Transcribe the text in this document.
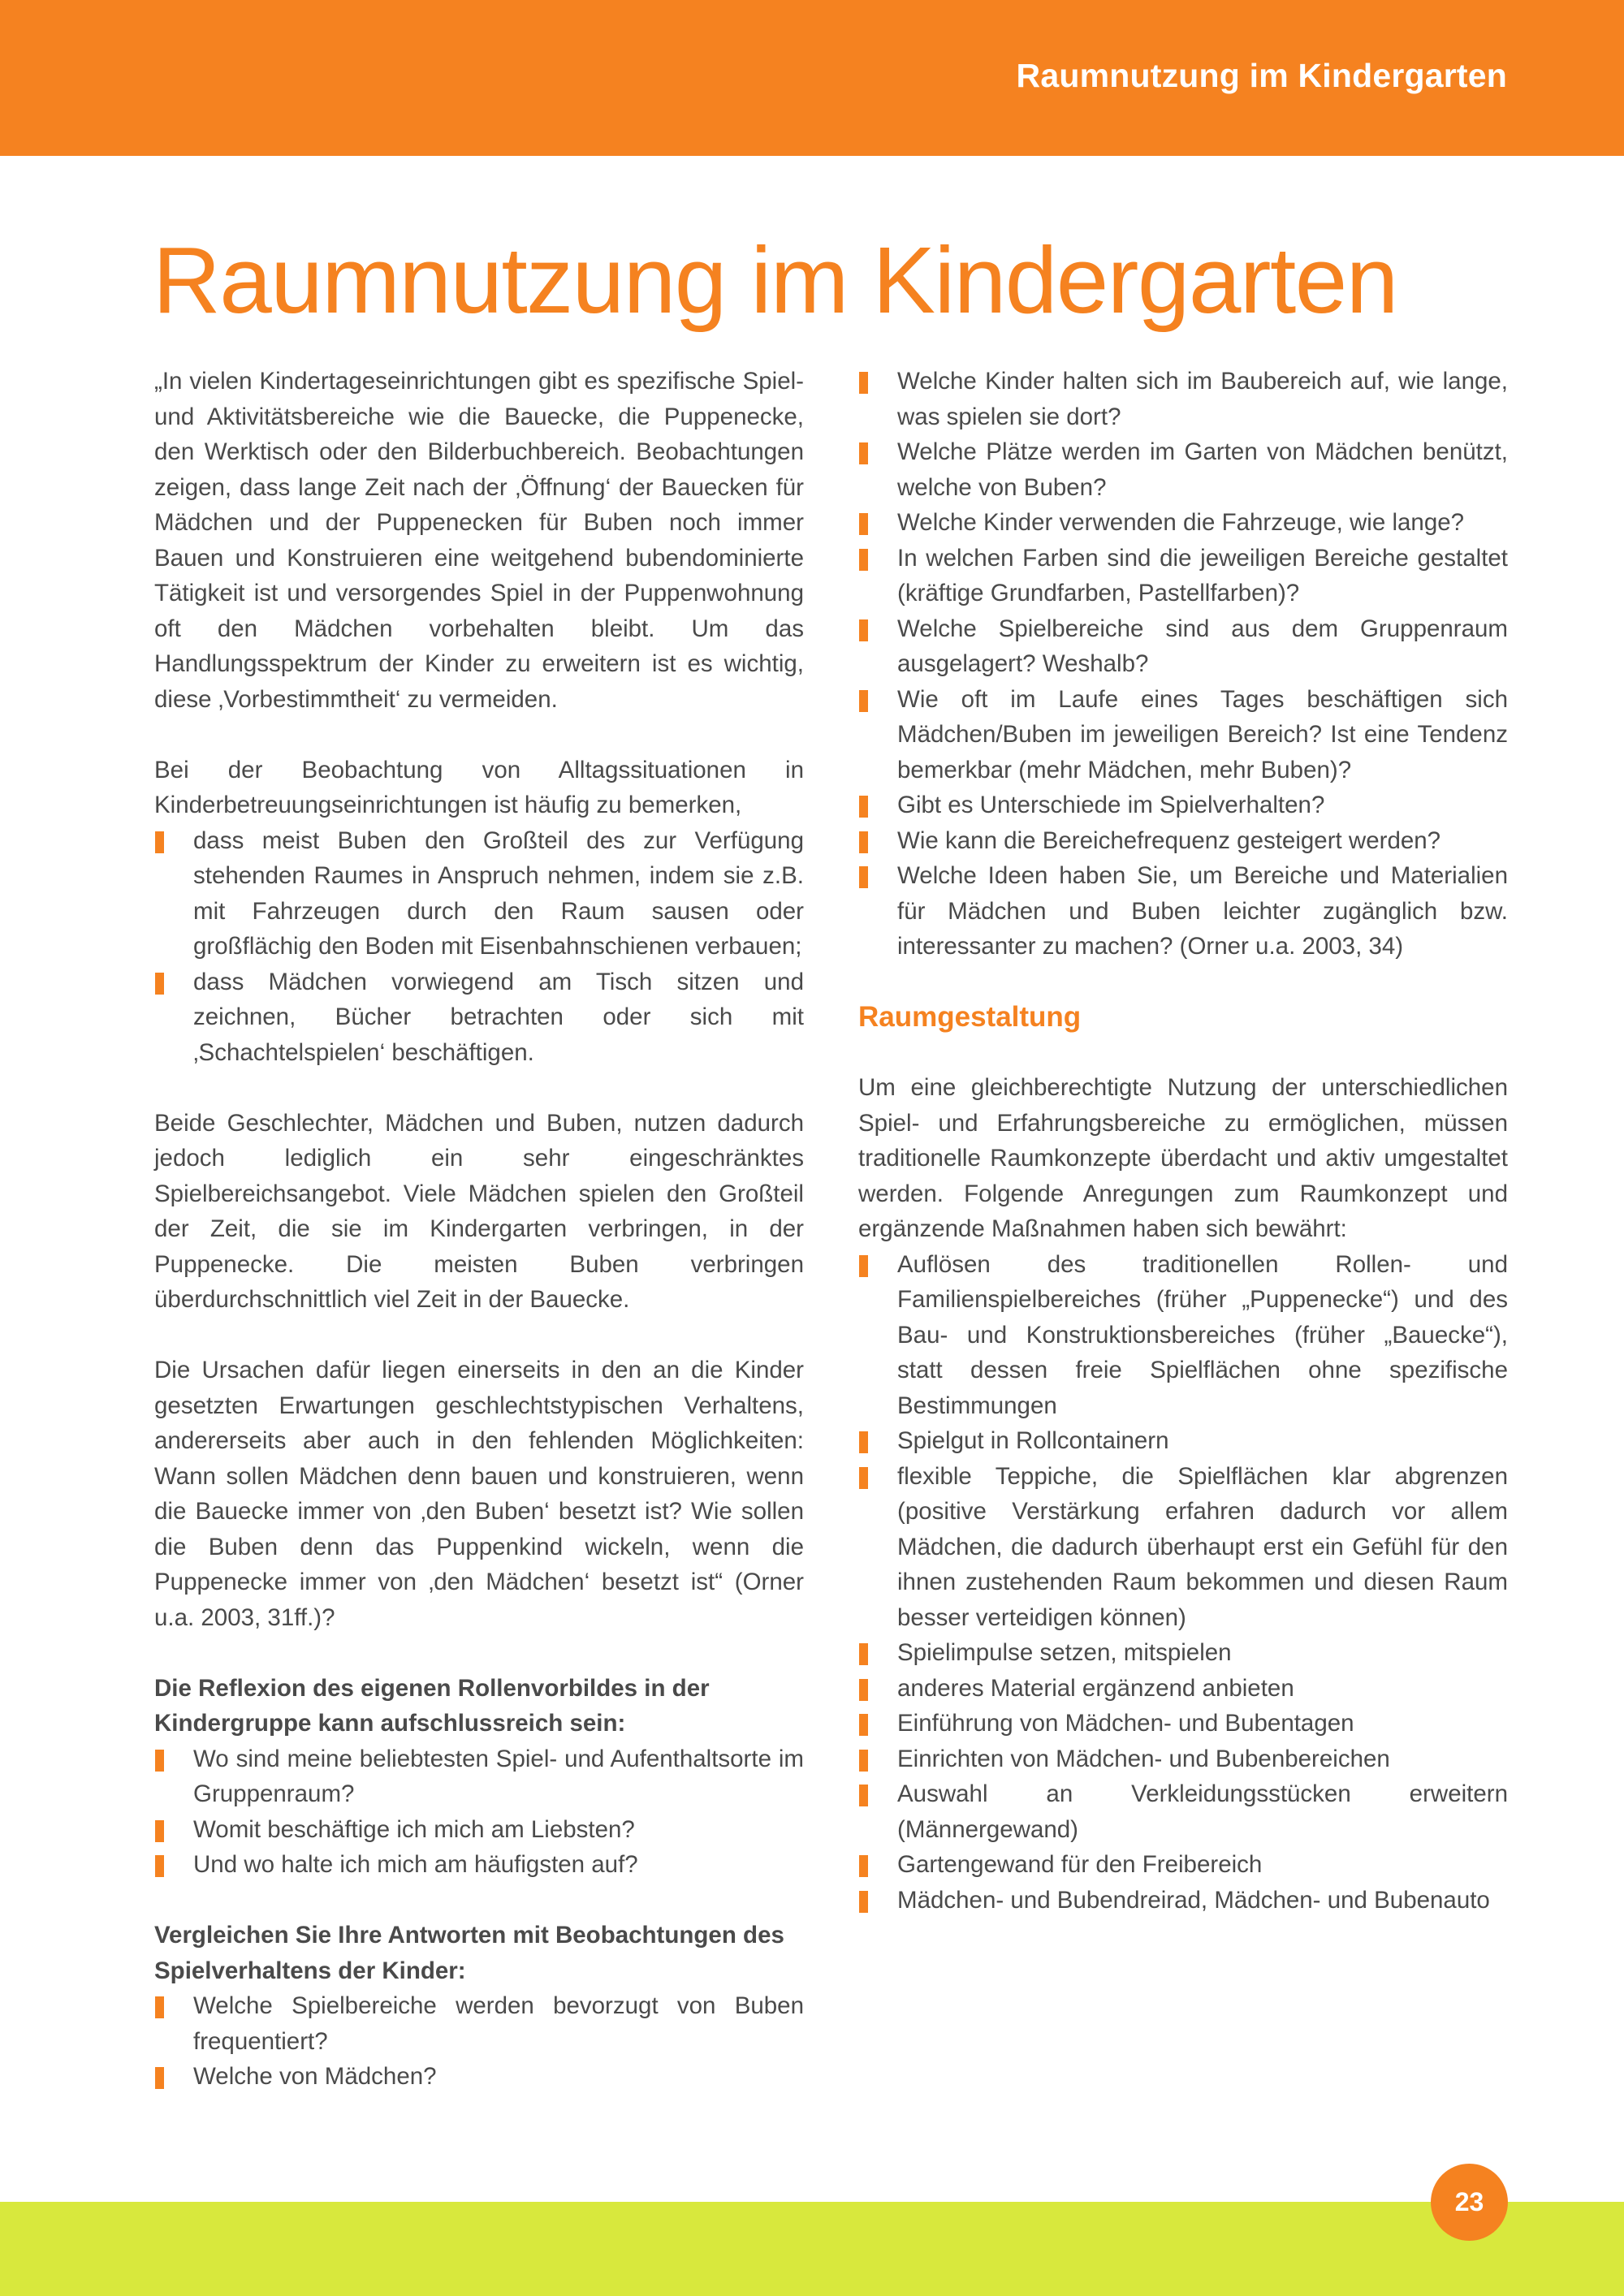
Raumnutzung im Kindergarten
Raumnutzung im Kindergarten

„In vielen Kindertageseinrichtungen gibt es spezifische Spiel- und Aktivitätsbereiche wie die Bauecke, die Puppenecke, den Werktisch oder den Bilderbuchbereich. Beobachtungen zeigen, dass lange Zeit nach der ‚Öffnung‘ der Bauecken für Mädchen und der Puppenecken für Buben noch immer Bauen und Konstruieren eine weitgehend bubendominierte Tätigkeit ist und versorgendes Spiel in der Puppenwohnung oft den Mädchen vorbehalten bleibt. Um das Handlungsspektrum der Kinder zu erweitern ist es wichtig, diese ‚Vorbestimmtheit‘ zu vermeiden.

Bei der Beobachtung von Alltagssituationen in Kinderbetreuungseinrichtungen ist häufig zu bemerken,

dass meist Buben den Großteil des zur Verfügung stehenden Raumes in Anspruch nehmen, indem sie z.B. mit Fahrzeugen durch den Raum sausen oder großflächig den Boden mit Eisenbahnschienen verbauen;
dass Mädchen vorwiegend am Tisch sitzen und zeichnen, Bücher betrachten oder sich mit ‚Schachtelspielen‘ beschäftigen.

Beide Geschlechter, Mädchen und Buben, nutzen dadurch jedoch lediglich ein sehr eingeschränktes Spielbereichsangebot. Viele Mädchen spielen den Großteil der Zeit, die sie im Kindergarten verbringen, in der Puppenecke. Die meisten Buben verbringen überdurchschnittlich viel Zeit in der Bauecke.

Die Ursachen dafür liegen einerseits in den an die Kinder gesetzten Erwartungen geschlechtstypischen Verhaltens, andererseits aber auch in den fehlenden Möglichkeiten: Wann sollen Mädchen denn bauen und konstruieren, wenn die Bauecke immer von ‚den Buben‘ besetzt ist? Wie sollen die Buben denn das Puppenkind wickeln, wenn die Puppenecke immer von ‚den Mädchen‘ besetzt ist“ (Orner u.a. 2003, 31ff.)?

Die Reflexion des eigenen Rollenvorbildes in der Kindergruppe kann aufschlussreich sein:

Wo sind meine beliebtesten Spiel- und Aufenthaltsorte im Gruppenraum?
Womit beschäftige ich mich am Liebsten?
Und wo halte ich mich am häufigsten auf?

Vergleichen Sie Ihre Antworten mit Beobachtungen des Spielverhaltens der Kinder:

Welche Spielbereiche werden bevorzugt von Buben frequentiert?
Welche von Mädchen?
Welche Kinder halten sich im Baubereich auf, wie lange, was spielen sie dort?
Welche Plätze werden im Garten von Mädchen benützt, welche von Buben?
Welche Kinder verwenden die Fahrzeuge, wie lange?
In welchen Farben sind die jeweiligen Bereiche gestaltet (kräftige Grundfarben, Pastellfarben)?
Welche Spielbereiche sind aus dem Gruppenraum ausgelagert? Weshalb?
Wie oft im Laufe eines Tages beschäftigen sich Mädchen/Buben im jeweiligen Bereich? Ist eine Tendenz bemerkbar (mehr Mädchen, mehr Buben)?
Gibt es Unterschiede im Spielverhalten?
Wie kann die Bereichefrequenz gesteigert werden?
Welche Ideen haben Sie, um Bereiche und Materialien für Mädchen und Buben leichter zugänglich bzw. interessanter zu machen? (Orner u.a. 2003, 34)
Raumgestaltung

Um eine gleichberechtigte Nutzung der unterschiedlichen Spiel- und Erfahrungsbereiche zu ermöglichen, müssen traditionelle Raumkonzepte überdacht und aktiv umgestaltet werden. Folgende Anregungen zum Raumkonzept und ergänzende Maßnahmen haben sich bewährt:

Auflösen des traditionellen Rollen- und Familienspielbereiches (früher „Puppenecke“) und des Bau- und Konstruktionsbereiches (früher „Bauecke“), statt dessen freie Spielflächen ohne spezifische Bestimmungen
Spielgut in Rollcontainern
flexible Teppiche, die Spielflächen klar abgrenzen (positive Verstärkung erfahren dadurch vor allem Mädchen, die dadurch überhaupt erst ein Gefühl für den ihnen zustehenden Raum bekommen und diesen Raum besser verteidigen können)
Spielimpulse setzen, mitspielen
anderes Material ergänzend anbieten
Einführung von Mädchen- und Bubentagen
Einrichten von Mädchen- und Bubenbereichen
Auswahl an Verkleidungsstücken erweitern (Männergewand)
Gartengewand für den Freibereich
Mädchen- und Bubendreirad, Mädchen- und Bubenauto
23
